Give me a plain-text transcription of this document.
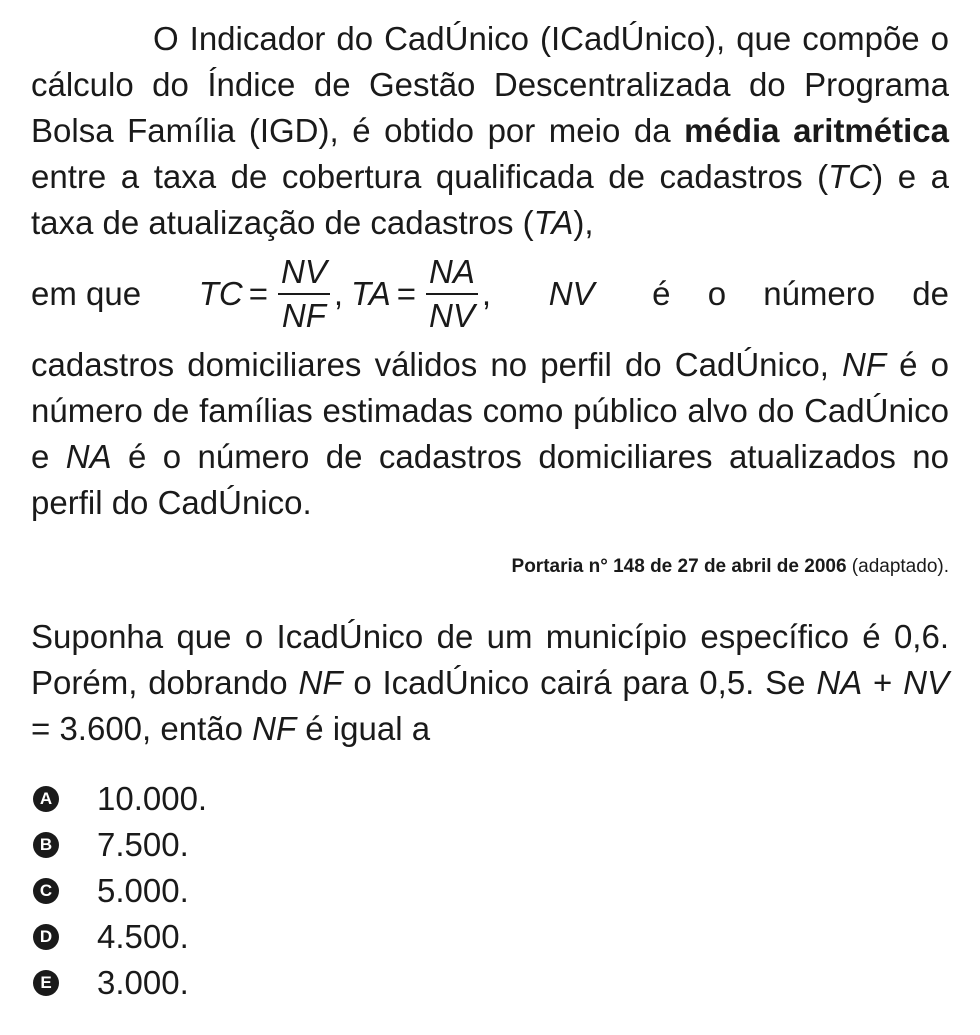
O Indicador do CadÚnico (ICadÚnico), que compõe o cálculo do Índice de Gestão Descentralizada do Programa Bolsa Família (IGD), é obtido por meio da média aritmética entre a taxa de cobertura qualificada de cadastros (TC) e a taxa de atualização de cadastros (TA),

em que TC = $\frac{NV}{NF}$ , TA = $\frac{NA}{NV}$ , NV é o número de

cadastros domiciliares válidos no perfil do CadÚnico, NF é o número de famílias estimadas como público alvo do CadÚnico e NA é o número de cadastros domiciliares atualizados no perfil do CadÚnico.

Portaria n° 148 de 27 de abril de 2006 (adaptado).

Suponha que o IcadÚnico de um município específico é 0,6. Porém, dobrando NF o IcadÚnico cairá para 0,5. Se NA + NV = 3.600, então NF é igual a

A 10.000.
B 7.500.
C 5.000.
D 4.500.
E 3.000.
